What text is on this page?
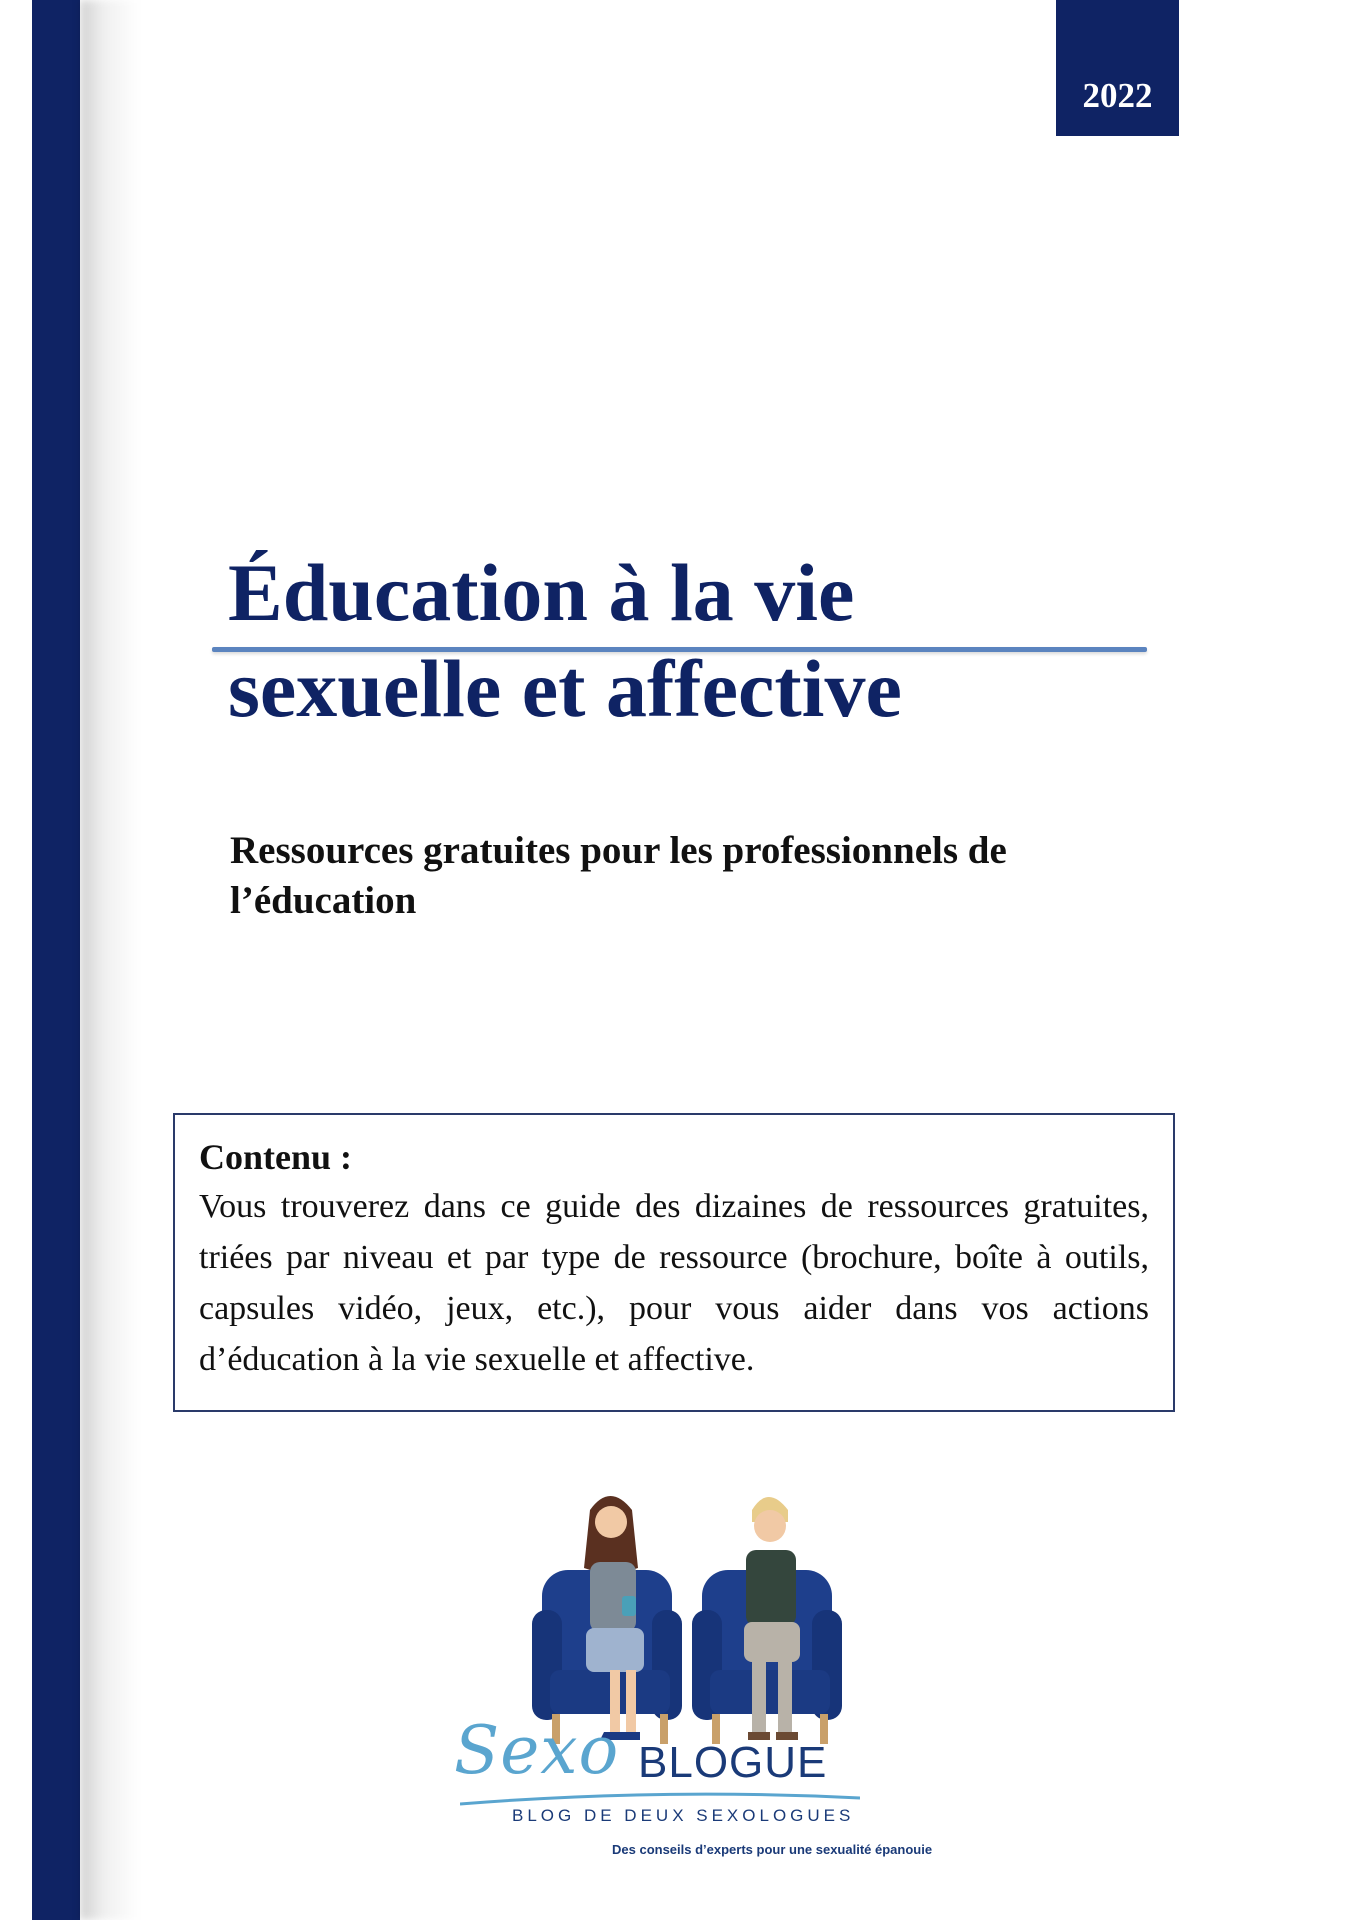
2022
Éducation à la vie
sexuelle et affective
Ressources gratuites pour les professionnels de
l’éducation
Contenu :
Vous trouverez dans ce guide des dizaines de ressources gratuites, triées par niveau et par type de ressource (brochure, boîte à outils, capsules vidéo, jeux, etc.), pour vous aider dans vos actions d’éducation à la vie sexuelle et affective.
Sexo BLOGUE
BLOG DE DEUX SEXOLOGUES
Des conseils d’experts pour une sexualité épanouie
